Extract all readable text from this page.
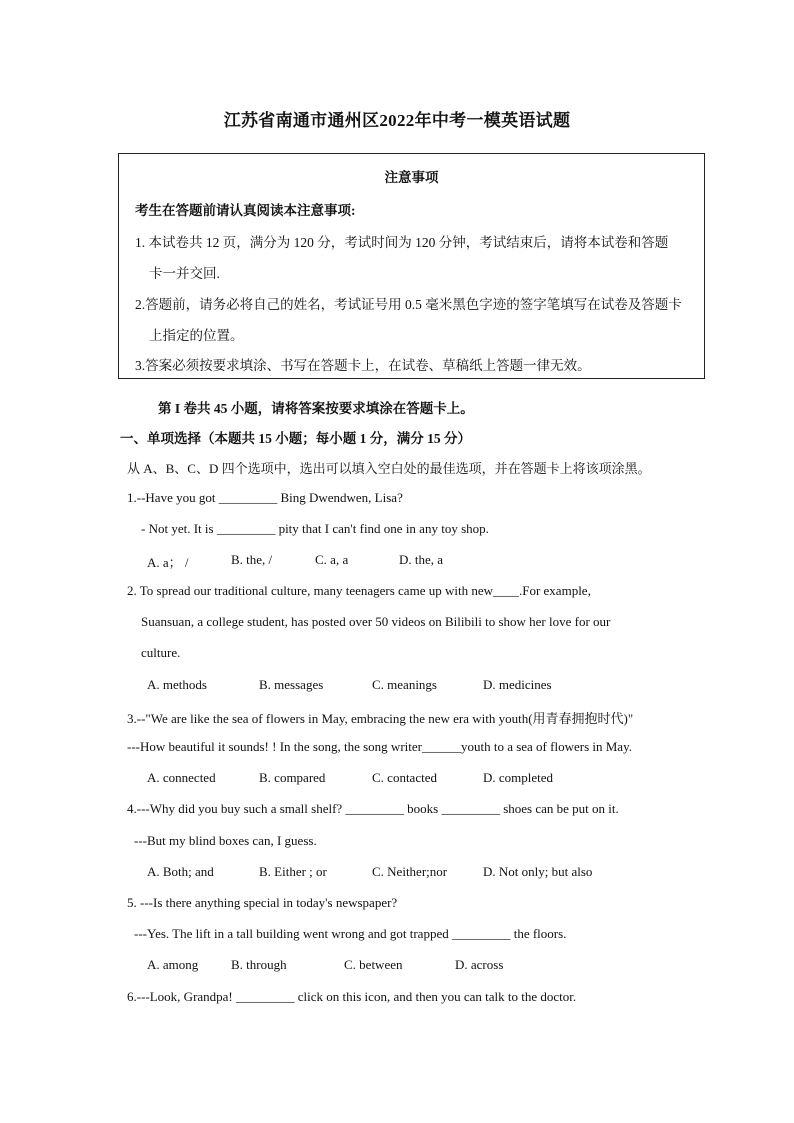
江苏省南通市通州区2022年中考一模英语试题
注意事项
考生在答题前请认真阅读本注意事项:
1. 本试卷共 12 页，满分为 120 分，考试时间为 120 分钟，考试结束后，请将本试卷和答题
卡一并交回.
2.答题前，请务必将自己的姓名，考试证号用 0.5 毫米黑色字迹的签字笔填写在试卷及答题卡
上指定的位置。
3.答案必须按要求填涂、书写在答题卡上，在试卷、草稿纸上答题一律无效。
第 I 卷共 45 小题，请将答案按要求填涂在答题卡上。
一、单项选择（本题共 15 小题；每小题 1 分，满分 15 分）
从 A、B、C、D 四个选项中，选出可以填入空白处的最佳选项，并在答题卡上将该项涂黑。
1.--Have you got _________ Bing Dwendwen, Lisa?
- Not yet. It is _________ pity that I can't find one in any toy shop.
A. a； /	B. the, /	C. a, a	D. the, a
2. To spread our traditional culture, many teenagers came up with new____.For example,
Suansuan, a college student, has posted over 50 videos on Bilibili to show her love for our
culture.
A. methods	B. messages	C. meanings	D. medicines
3.--"We are like the sea of flowers in May, embracing the new era with youth(用青春拥抱时代)"
---How beautiful it sounds! ! In the song, the song writer______youth to a sea of flowers in May.
A. connected	B. compared	C. contacted	D. completed
4.---Why did you buy such a small shelf? _________ books _________ shoes can be put on it.
---But my blind boxes can, I guess.
A. Both; and	B. Either ; or	C. Neither;nor	D. Not only; but also
5. ---Is there anything special in today's newspaper?
---Yes. The lift in a tall building went wrong and got trapped _________ the floors.
A. among	B. through	C. between	D. across
6.---Look, Grandpa! _________ click on this icon, and then you can talk to the doctor.
